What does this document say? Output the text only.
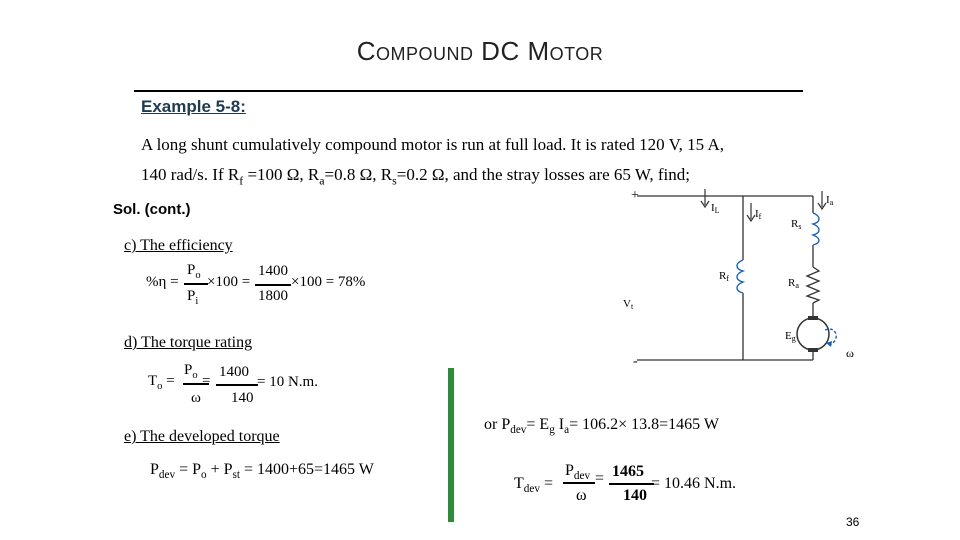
Compound DC Motor
Example 5-8:
A long shunt cumulatively compound motor is run at full load. It is rated 120 V, 15 A,
140 rad/s. If $R_f =100$ Ω, $R_a=0.8$ Ω, $R_s=0.2$ Ω, and the stray losses are 65 W, find;
Sol. (cont.)
c) The efficiency
%η =
$P_o$
$P_i$
×100 =
1400
1800
×100 = 78%
d) The torque rating
$T_o$ =
$P_o$
ω
=
1400
140
= 10 N.m.
e) The developed torque
$P_{dev} = P_o + P_{st} = 1400+65=1465$ W
or $P_{dev}= E_g$ $I_a= 106.2\times 13.8=1465$ W
$T_{dev}$ =
$P_{dev}$
ω
= 1465
140
= 10.46 N.m.
+
-
IL	If
Ia
Rs
Rf	Ra
Vt
Eg
ω
36
